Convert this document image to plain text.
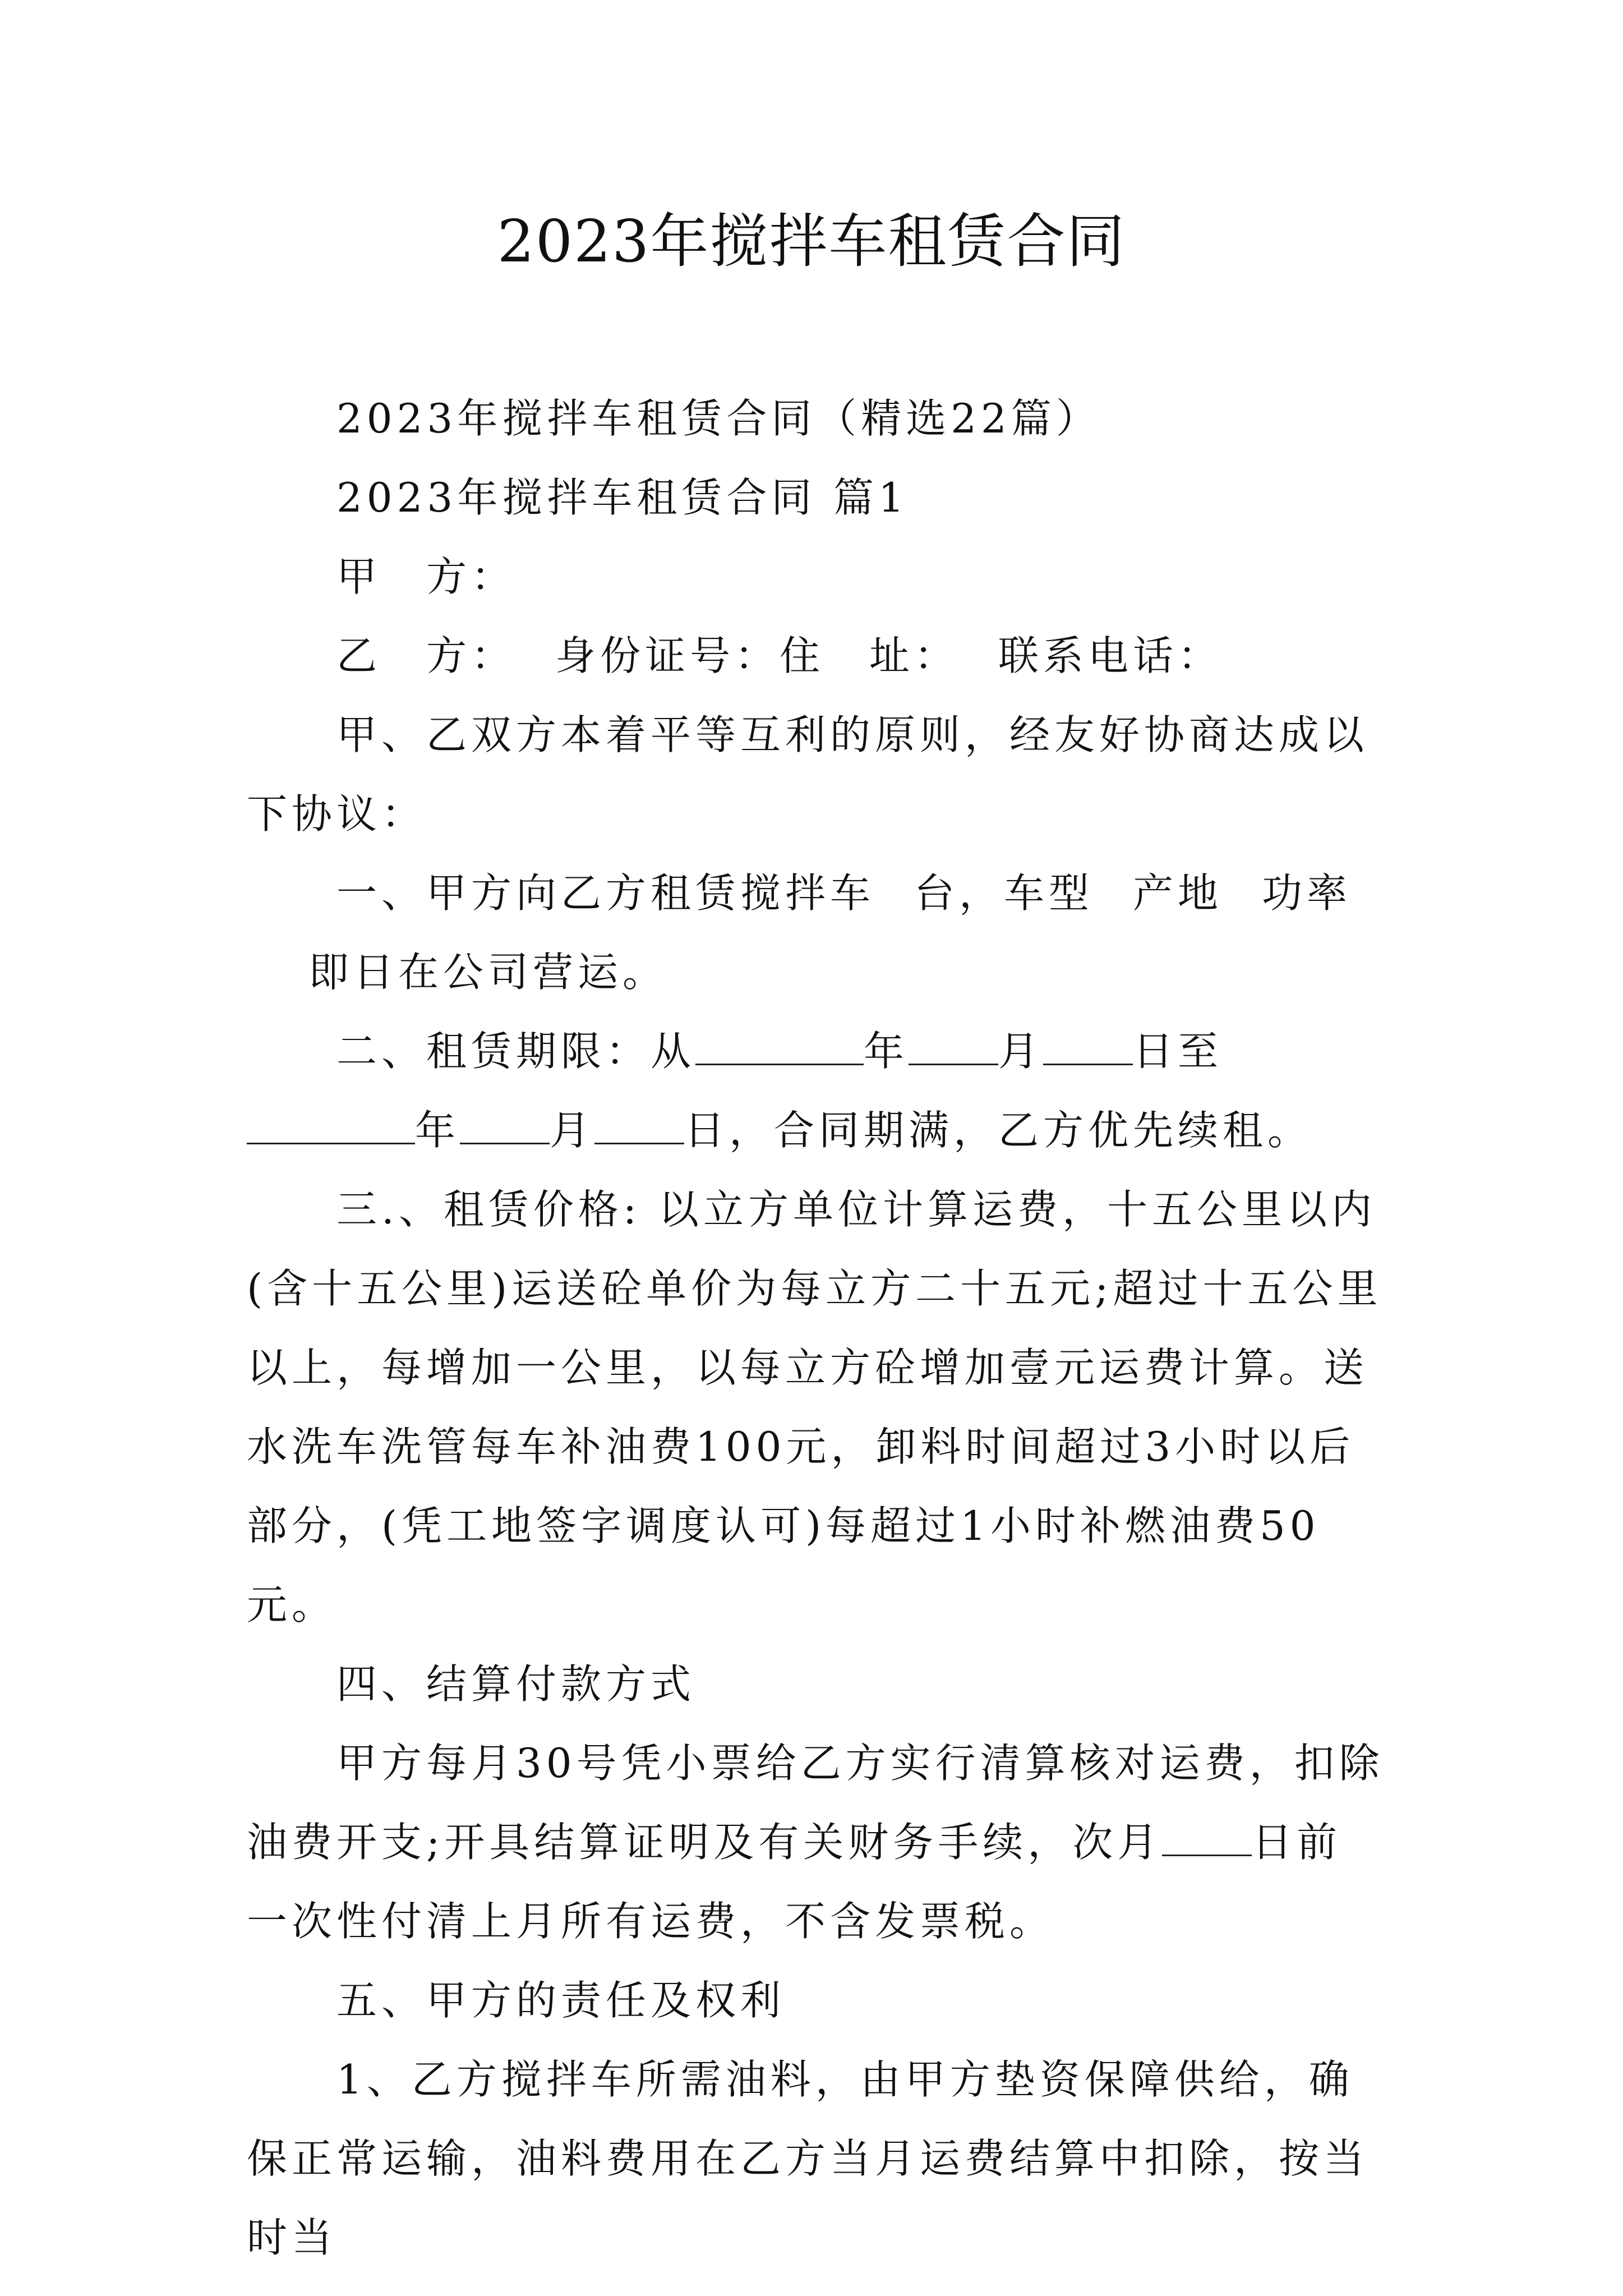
2023年搅拌车租赁合同

2023年搅拌车租赁合同（精选22篇）

2023年搅拌车租赁合同 篇1

甲　方：

乙　方： 身份证号：住　址： 联系电话：

甲、乙双方本着平等互利的原则，经友好协商达成以下协议：

一、甲方向乙方租赁搅拌车 台，车型 产地 功率即日在公司营运。

二、租赁期限：从	年 月 日至年 月 日，合同期满，乙方优先续租。

三.、租赁价格: 以立方单位计算运费，十五公里以内(含十五公里)运送砼单价为每立方二十五元;超过十五公里以上，每增加一公里，以每立方砼增加壹元运费计算。送水洗车洗管每车补油费100元，卸料时间超过3小时以后部分，(凭工地签字调度认可)每超过1小时补燃油费50元。

四、结算付款方式

甲方每月30号凭小票给乙方实行清算核对运费，扣除油费开支;开具结算证明及有关财务手续，次月 日前一次性付清上月所有运费，不含发票税。

五、甲方的责任及权利

1、乙方搅拌车所需油料，由甲方垫资保障供给，确保正常运输，油料费用在乙方当月运费结算中扣除，按当时当
